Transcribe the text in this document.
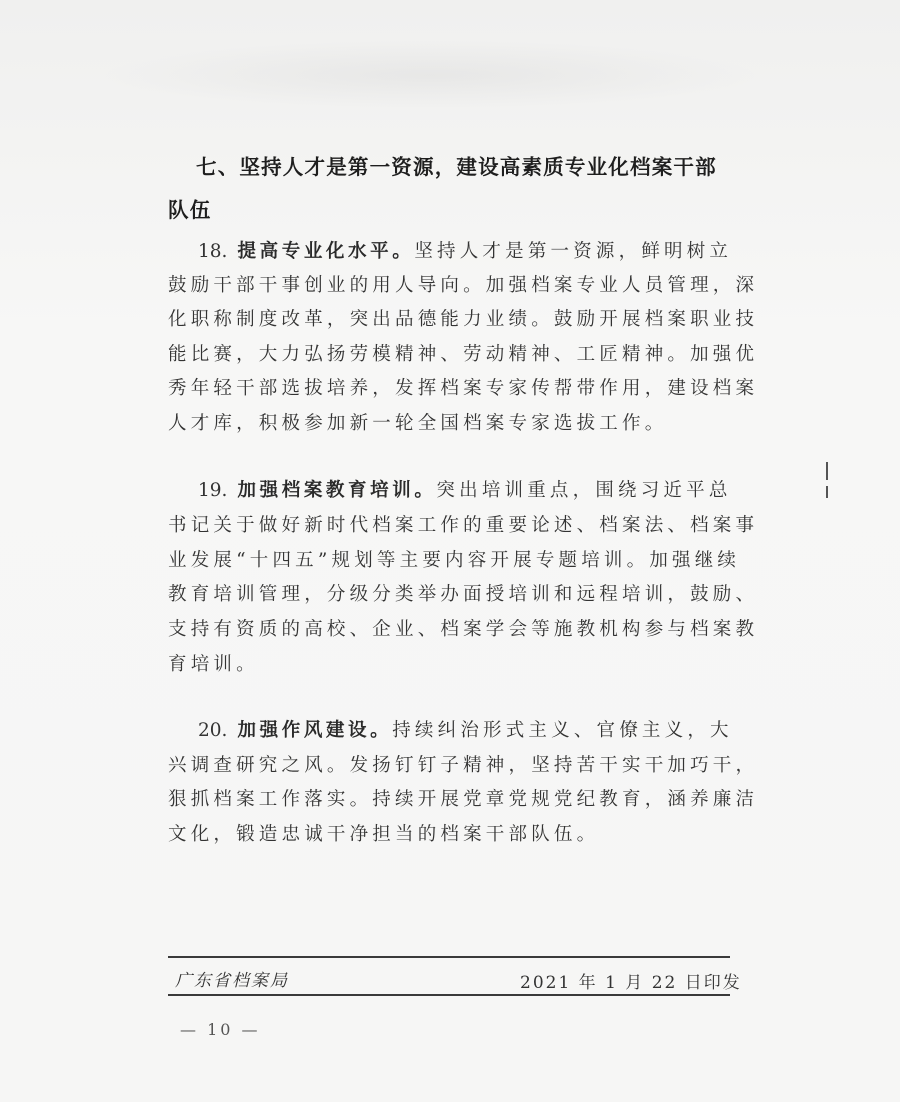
七、坚持人才是第一资源，建设高素质专业化档案干部
队伍
18. 提高专业化水平。坚持人才是第一资源，鲜明树立
鼓励干部干事创业的用人导向。加强档案专业人员管理，深
化职称制度改革，突出品德能力业绩。鼓励开展档案职业技
能比赛，大力弘扬劳模精神、劳动精神、工匠精神。加强优
秀年轻干部选拔培养，发挥档案专家传帮带作用，建设档案
人才库，积极参加新一轮全国档案专家选拔工作。
19. 加强档案教育培训。突出培训重点，围绕习近平总
书记关于做好新时代档案工作的重要论述、档案法、档案事
业发展“十四五”规划等主要内容开展专题培训。加强继续
教育培训管理，分级分类举办面授培训和远程培训，鼓励、
支持有资质的高校、企业、档案学会等施教机构参与档案教
育培训。
20. 加强作风建设。持续纠治形式主义、官僚主义，大
兴调查研究之风。发扬钉钉子精神，坚持苦干实干加巧干，
狠抓档案工作落实。持续开展党章党规党纪教育，涵养廉洁
文化，锻造忠诚干净担当的档案干部队伍。
广东省档案局	2021 年 1 月 22 日印发
— 10 —
